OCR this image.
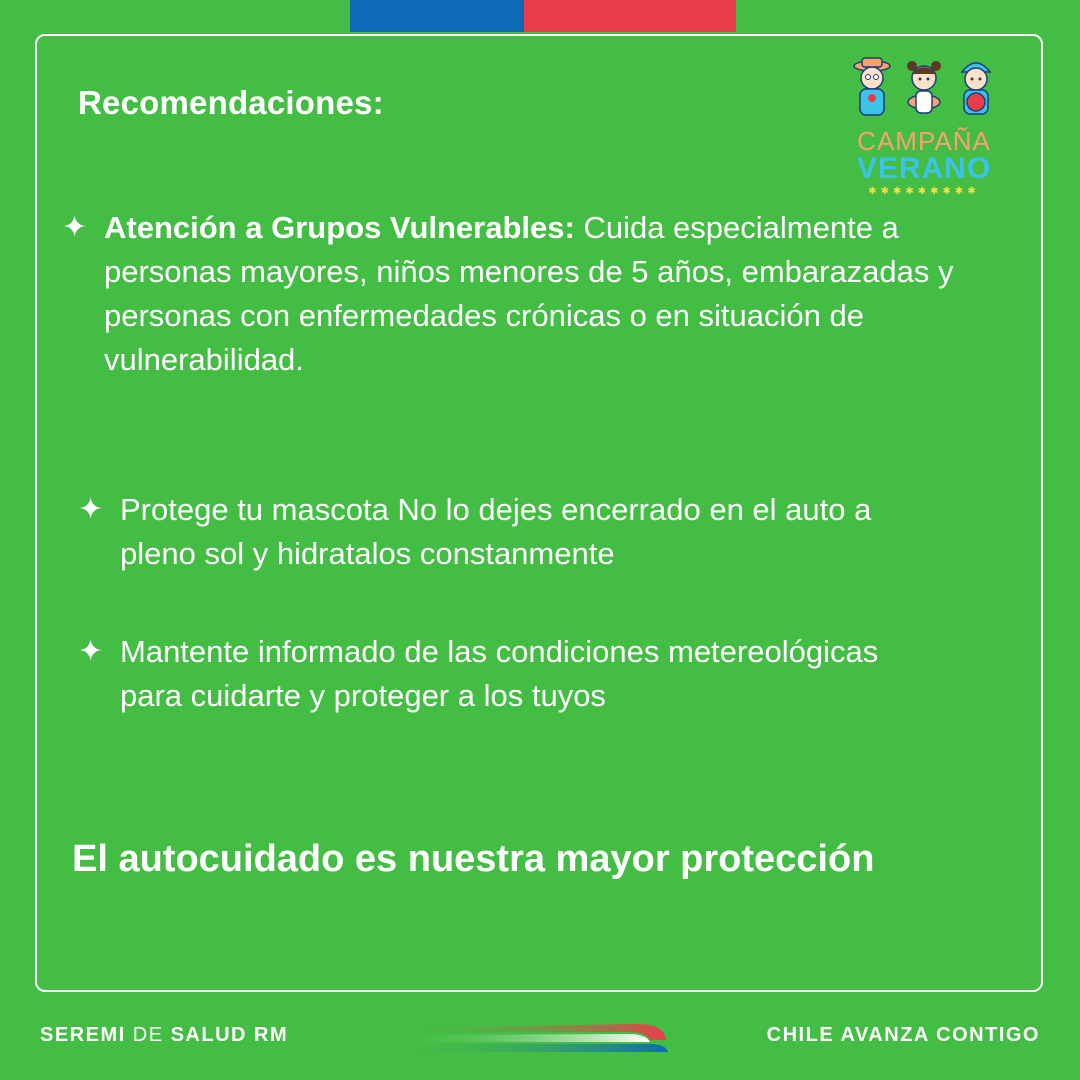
Recomendaciones:
CAMPAÑA
VERANO
✱✱✱✱✱✱✱✱✱
✦ Atención a Grupos Vulnerables: Cuida especialmente a personas mayores, niños menores de 5 años, embarazadas y personas con enfermedades crónicas o en situación de vulnerabilidad.
✦ Protege tu mascota No lo dejes encerrado en el auto a pleno sol y hidratalos constanmente
✦ Mantente informado de las condiciones metereológicas para cuidarte y proteger a los tuyos
El autocuidado es nuestra mayor protección
SEREMI DE SALUD RM	CHILE AVANZA CONTIGO
